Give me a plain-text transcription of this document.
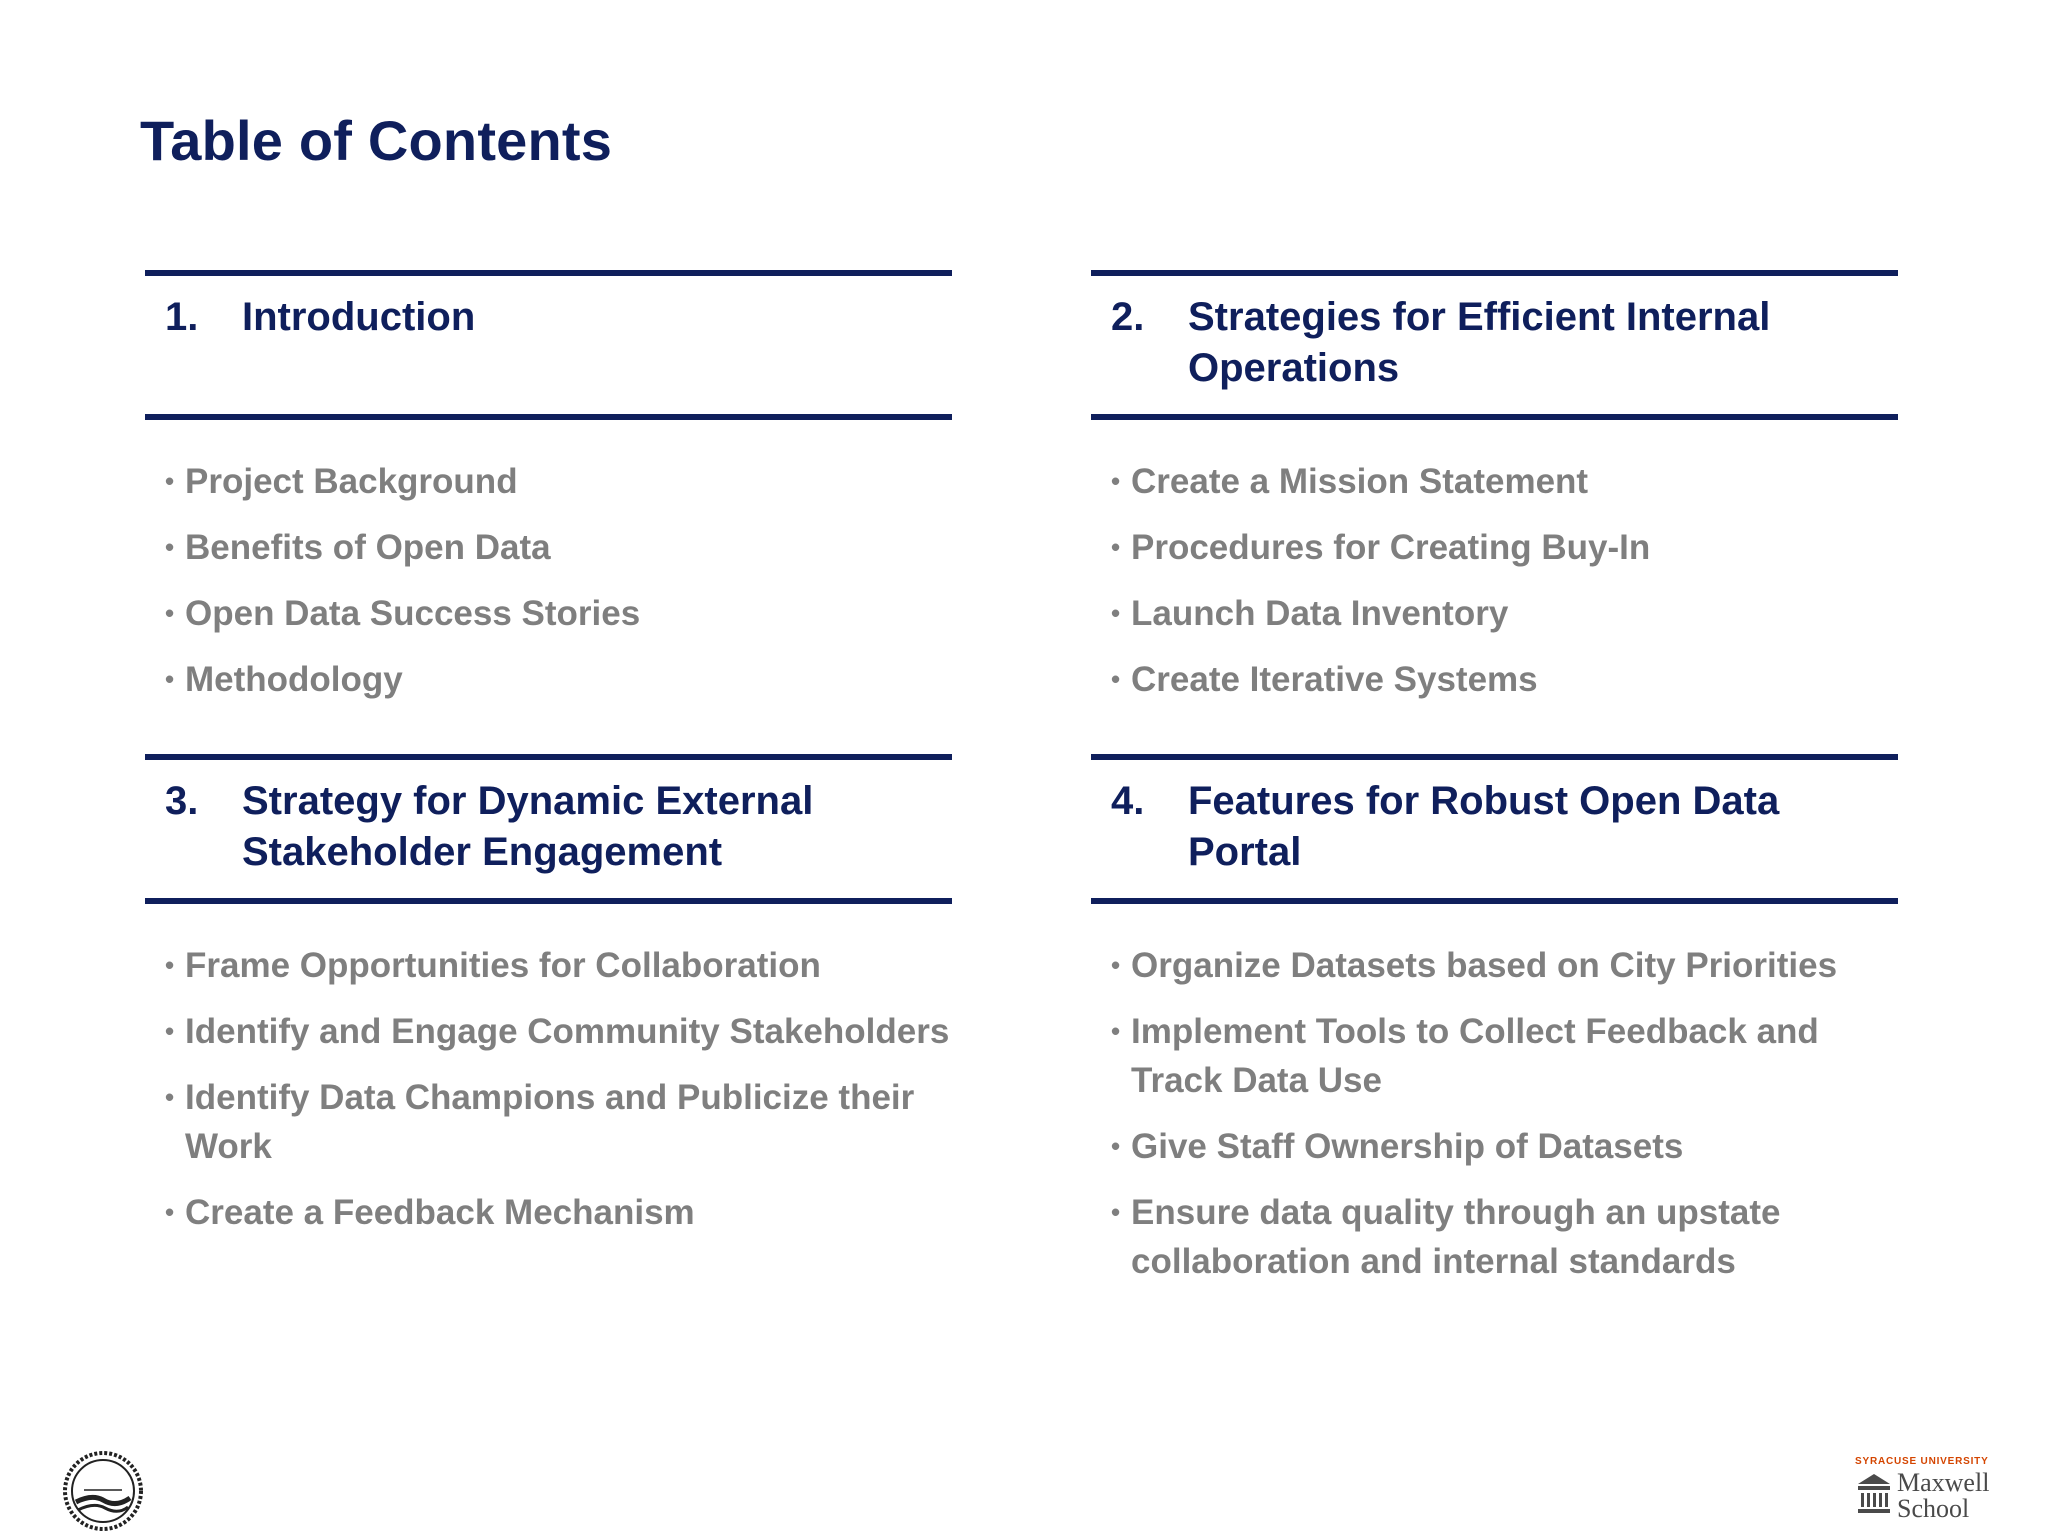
Table of Contents
1.	Introduction
• Project Background
• Benefits of Open Data
• Open Data Success Stories
• Methodology
2.	Strategies for Efficient Internal Operations
• Create a Mission Statement
• Procedures for Creating Buy-In
• Launch Data Inventory
• Create Iterative Systems
3.	Strategy for Dynamic External Stakeholder Engagement
• Frame Opportunities for Collaboration
• Identify and Engage Community Stakeholders
• Identify Data Champions and Publicize their Work
• Create a Feedback Mechanism
4.	Features for Robust Open Data Portal
• Organize Datasets based on City Priorities
• Implement Tools to Collect Feedback and Track Data Use
• Give Staff Ownership of Datasets
• Ensure data quality through an upstate collaboration and internal standards
SYRACUSE UNIVERSITY
Maxwell
School
